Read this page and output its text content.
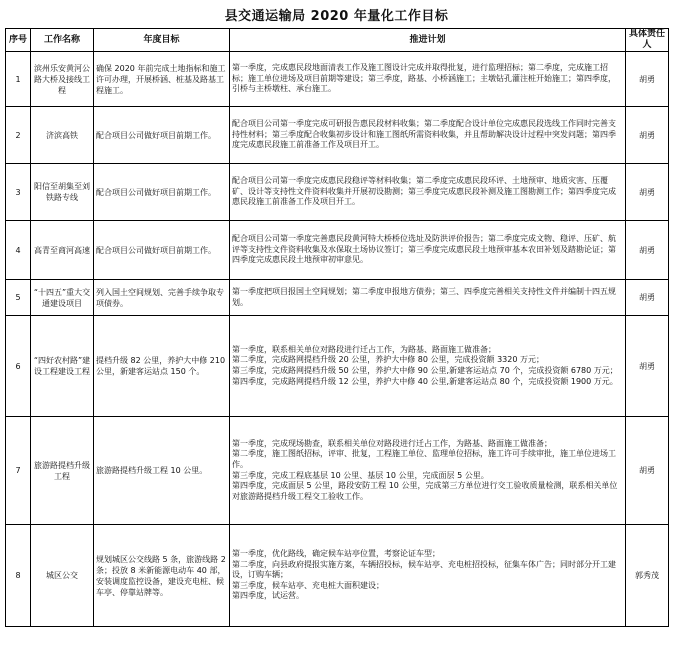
县交通运输局 2020 年量化工作目标
序号	工作名称	年度目标	推进计划	具体责任人
1	滨州乐安黄河公路大桥及接线工程	确保 2020 年前完成土地指标和施工许可办理，开展桥涵、桩基及路基工程施工。	第一季度，完成惠民段地面清表工作及施工图设计完成并取得批复，进行监理招标；第二季度，完成施工招标；施工单位进场及项目前期等建设；第三季度，路基、小桥涵施工；主墩钻孔灌注桩开始施工；第四季度，引桥与主桥墩柱、承台施工。	胡勇
2	济滨高铁	配合项目公司做好项目前期工作。	配合项目公司第一季度完成可研报告惠民段材料收集；第二季度配合设计单位完成惠民段选线工作同时完善支持性材料；第三季度配合收集初步设计和施工图纸所需资料收集，并且帮助解决设计过程中突发问题；第四季度完成惠民段施工前准备工作及项目开工。	胡勇
3	阳信至胡集至刘铁路专线	配合项目公司做好项目前期工作。	配合项目公司第一季度完成惠民段稳评等材料收集；第二季度完成惠民段环评、土地预审、地质灾害、压覆矿、设计等支持性文件资料收集并开展初设勘测；第三季度完成惠民段补测及施工图勘测工作；第四季度完成惠民段施工前准备工作及项目开工。	胡勇
4	高青至商河高速	配合项目公司做好项目前期工作。	配合项目公司第一季度完善惠民段黄河特大桥桥位选址及防洪评价报告；第二季度完成文物、稳评、压矿、航评等支持性文件资料收集及水保取土场协议签订；第三季度完成惠民段土地预审基本农田补划及踏勘论证；第四季度完成惠民段土地预审初审意见。	胡勇
5	“十四五”重大交通建设项目	列入国土空间规划、完善手续争取专项债券。	第一季度把项目报国土空间规划；第二季度申报地方债券；第三、四季度完善相关支持性文件并编制十四五规划。	胡勇
6	“四好农村路”建设工程建设工程	提档升级 82 公里，养护大中修 210 公里，新建客运站点 150 个。	第一季度，联系相关单位对路段进行迁占工作，为路基、路面施工做准备；
第二季度，完成路网提档升级 20 公里，养护大中修 80 公里，完成投资额 3320 万元；
第三季度，完成路网提档升级 50 公里，养护大中修 90 公里,新建客运站点 70 个，完成投资额 6780 万元；
第四季度，完成路网提档升级 12 公里，养护大中修 40 公里,新建客运站点 80 个，完成投资额 1900 万元。	胡勇
7	旅游路提档升级工程	旅游路提档升级工程 10 公里。	第一季度，完成现场勘查，联系相关单位对路段进行迁占工作，为路基、路面施工做准备；
第二季度，施工图纸招标，评审、批复，工程施工单位、监理单位招标，施工许可手续审批，施工单位进场工作。
第三季度，完成工程底基层 10 公里、基层 10 公里，完成面层 5 公里。
第四季度，完成面层 5 公里，路段安防工程 10 公里，完成第三方单位进行交工验收质量检测，联系相关单位对旅游路提档升级工程交工验收工作。	胡勇
8	城区公交	规划城区公交线路 5 条，旅游线路 2 条；投放 8 米新能源电动车 40 部，安装调度监控设备，建设充电桩、候车亭、停靠站牌等。	第一季度，优化路线，确定候车站亭位置，考察论证车型；
第二季度，向县政府提报实施方案，车辆招投标，候车站亭、充电桩招投标，征集车体广告；同时部分开工建设，订购车辆；
第三季度，候车站亭、充电桩大面积建设；
第四季度，试运营。	郭秀茂
